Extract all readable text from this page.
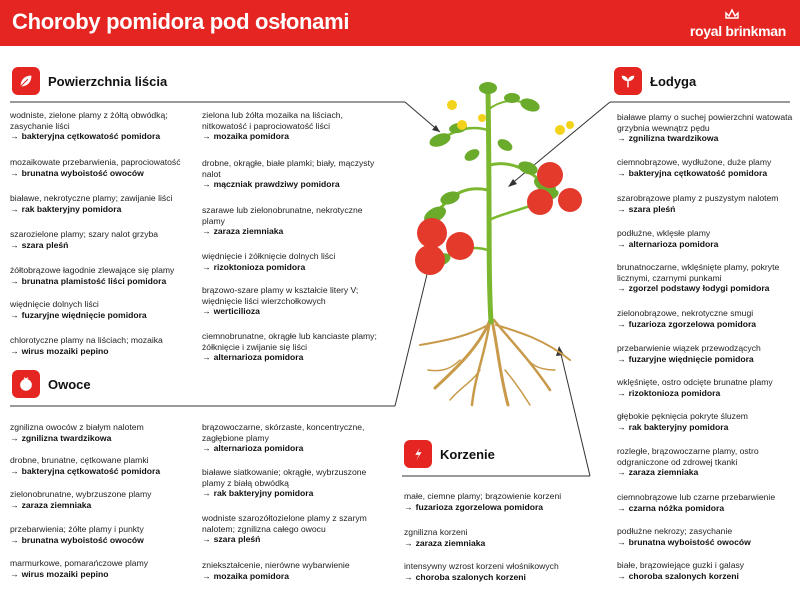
Choroby pomidora pod osłonami	royal brinkman
Powierzchnia liścia
wodniste, zielone plamy z żółtą obwódką; zasychanie liści
→ bakteryjna cętkowatość pomidora
mozaikowate przebarwienia, paprociowatość
→ brunatna wyboistość owoców
białawe, nekrotyczne plamy; zawijanie liści
→ rak bakteryjny pomidora
szarozielone plamy; szary nalot grzyba
→ szara pleśń
żółtobrązowe łagodnie zlewające się plamy
→ brunatna plamistość liści pomidora
więdnięcie dolnych liści
→ fuzaryjne więdnięcie pomidora
chlorotyczne plamy na liściach; mozaika
→ wirus mozaiki pepino
zielona lub żółta mozaika na liściach, nitkowatość i paprociowatość liści
→ mozaika pomidora
drobne, okrągłe, białe plamki; biały, mączysty nalot
→ mączniak prawdziwy pomidora
szarawe lub zielonobrunatne, nekrotyczne plamy
→ zaraza ziemniaka
więdnięcie i żółknięcie dolnych liści
→ rizoktonioza pomidora
brązowo-szare plamy w kształcie litery V; więdnięcie liści wierzchołkowych
→ werticilioza
ciemnobrunatne, okrągłe lub kanciaste plamy; żółknięcie i zwijanie się liści
→ alternarioza pomidora
Owoce
zgnilizna owoców z białym nalotem
→ zgnilizna twardzikowa
drobne, brunatne, cętkowane plamki
→ bakteryjna cętkowatość pomidora
zielonobrunatne, wybrzuszone plamy
→ zaraza ziemniaka
przebarwienia; żółte plamy i punkty
→ brunatna wyboistość owoców
marmurkowe, pomarańczowe plamy
→ wirus mozaiki pepino
brązowoczarne, skórzaste, koncentryczne, zagłębione plamy
→ alternarioza pomidora
białawe siatkowanie; okrągłe, wybrzuszone plamy z białą obwódką
→ rak bakteryjny pomidora
wodniste szarozółtozielone plamy z szarym nalotem; zgnilizna całego owocu
→ szara pleśń
zniekształcenie, nierówne wybarwienie
→ mozaika pomidora
Łodyga
białawe plamy o suchej powierzchni watowata grzybnia wewnątrz pędu
→ zgnilizna twardzikowa
ciemnobrązowe, wydłużone, duże plamy
→ bakteryjna cętkowatość pomidora
szarobrązowe plamy z puszystym nalotem
→ szara pleśń
podłużne, wklęsłe plamy
→ alternarioza pomidora
brunatnoczarne, wklęśnięte plamy, pokryte licznymi, czarnymi punkami
→ zgorzel podstawy łodygi pomidora
zielonobrązowe, nekrotyczne smugi
→ fuzarioza zgorzelowa pomidora
przebarwienie wiązek przewodzących
→ fuzaryjne więdnięcie pomidora
wklęśnięte, ostro odcięte brunatne plamy
→ rizoktonioza pomidora
głębokie pęknięcia pokryte śluzem
→ rak bakteryjny pomidora
rozległe, brązowoczarne plamy, ostro odgraniczone od zdrowej tkanki
→ zaraza ziemniaka
ciemnobrązowe lub czarne przebarwienie
→ czarna nóżka pomidora
podłużne nekrozy; zasychanie
→ brunatna wyboistość owoców
białe, brązowiejące guzki i galasy
→ choroba szalonych korzeni
Korzenie
małe, ciemne plamy; brązowienie korzeni
→ fuzarioza zgorzelowa pomidora
zgnilizna korzeni
→ zaraza ziemniaka
intensywny wzrost korzeni włośnikowych
→ choroba szalonych korzeni
